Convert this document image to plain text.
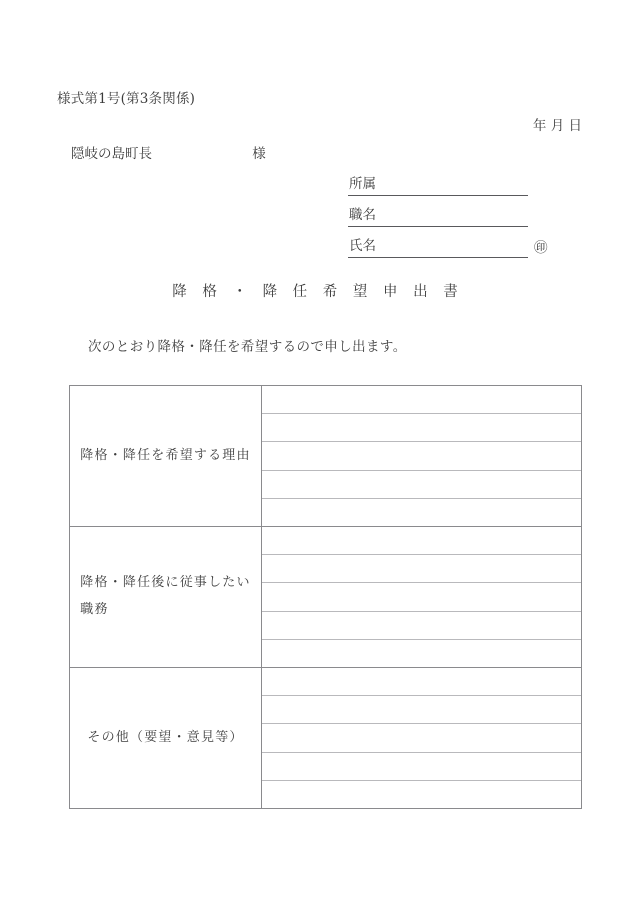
様式第1号(第3条関係)
年 月 日
隠岐の島町長	様
所属
職名
氏名	㊞
降 格 ・ 降 任 希 望 申 出 書
次のとおり降格・降任を希望するので申し出ます。
降格・降任を希望する理由	

降格・降任後に従事したい
職務	

その他（要望・意見等）	
